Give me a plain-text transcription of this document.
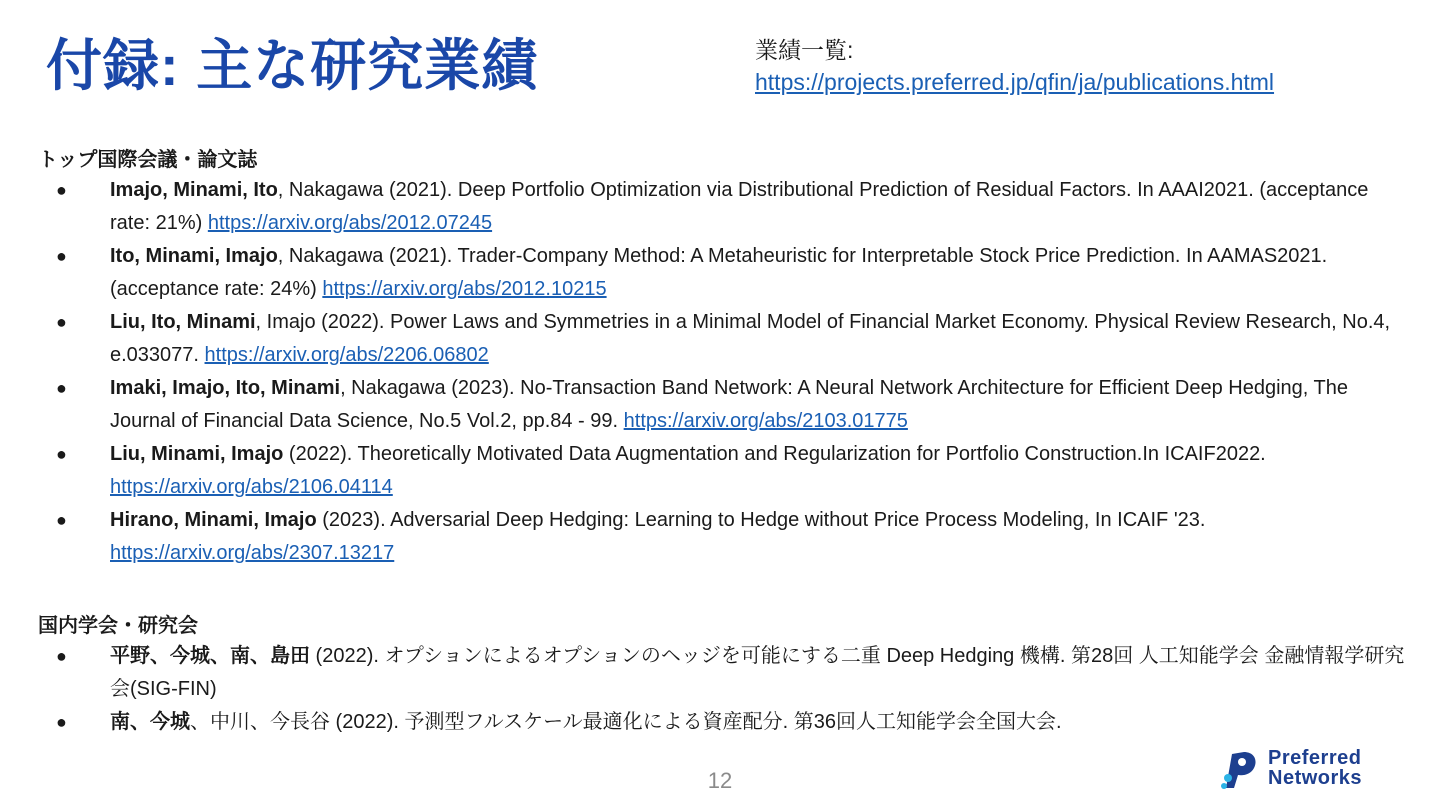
付録: 主な研究業績	業績一覧:
https://projects.preferred.jp/qfin/ja/publications.html
トップ国際会議・論文誌
● Imajo, Minami, Ito, Nakagawa (2021). Deep Portfolio Optimization via Distributional Prediction of Residual Factors. In AAAI2021. (acceptance rate: 21%) https://arxiv.org/abs/2012.07245
● Ito, Minami, Imajo, Nakagawa (2021). Trader-Company Method: A Metaheuristic for Interpretable Stock Price Prediction. In AAMAS2021.(acceptance rate: 24%) https://arxiv.org/abs/2012.10215
● Liu, Ito, Minami, Imajo (2022). Power Laws and Symmetries in a Minimal Model of Financial Market Economy. Physical Review Research, No.4, e.033077. https://arxiv.org/abs/2206.06802
● Imaki, Imajo, Ito, Minami, Nakagawa (2023). No-Transaction Band Network: A Neural Network Architecture for Efficient Deep Hedging, The Journal of Financial Data Science, No.5 Vol.2, pp.84 - 99. https://arxiv.org/abs/2103.01775
● Liu, Minami, Imajo (2022). Theoretically Motivated Data Augmentation and Regularization for Portfolio Construction.In ICAIF2022. https://arxiv.org/abs/2106.04114
● Hirano, Minami, Imajo (2023). Adversarial Deep Hedging: Learning to Hedge without Price Process Modeling, In ICAIF '23. https://arxiv.org/abs/2307.13217
国内学会・研究会
● 平野、今城、南、島田 (2022). オプションによるオプションのヘッジを可能にする二重 Deep Hedging 機構. 第28回 人工知能学会 金融情報学研究会(SIG-FIN)
● 南、今城、中川、今長谷 (2022). 予測型フルスケール最適化による資産配分. 第36回人工知能学会全国大会.
12
Preferred
Networks
